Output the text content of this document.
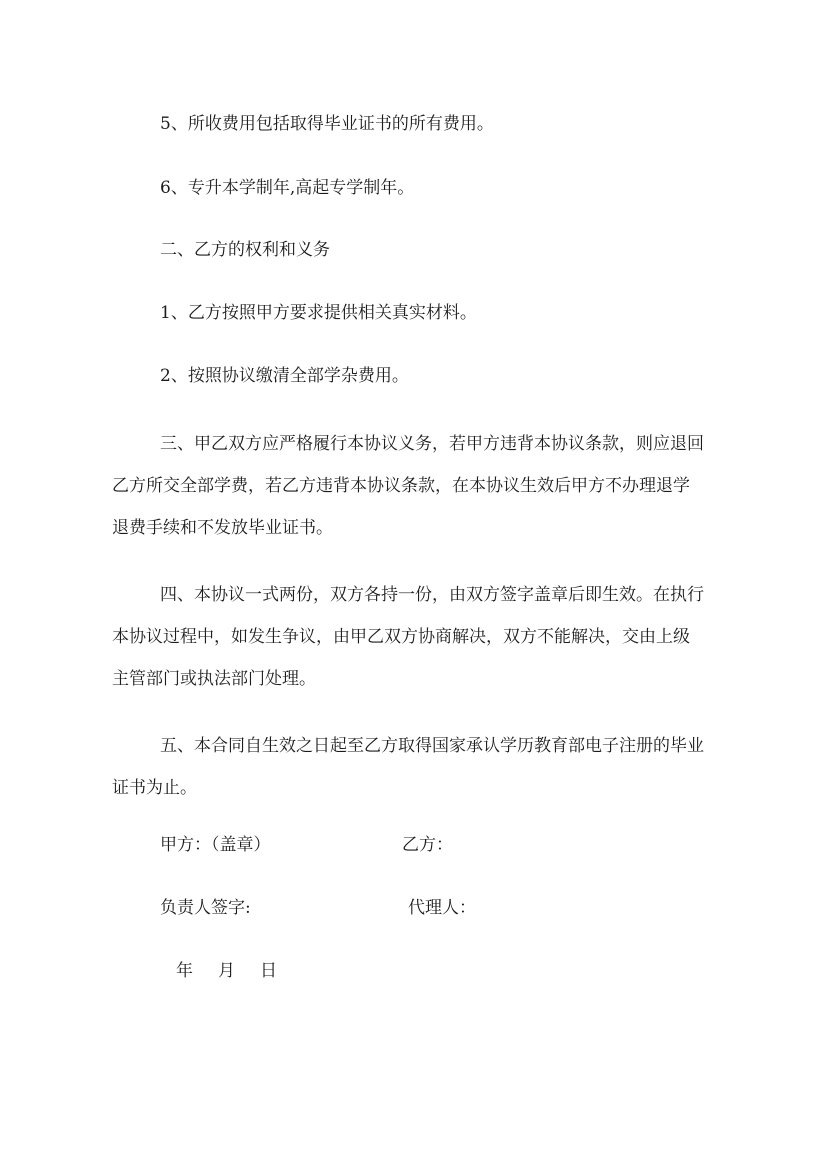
5、所收费用包括取得毕业证书的所有费用。
6、专升本学制年,高起专学制年。
二、乙方的权利和义务
1、乙方按照甲方要求提供相关真实材料。
2、按照协议缴清全部学杂费用。
三、甲乙双方应严格履行本协议义务，若甲方违背本协议条款，则应退回
乙方所交全部学费，若乙方违背本协议条款，在本协议生效后甲方不办理退学
退费手续和不发放毕业证书。
四、本协议一式两份，双方各持一份，由双方签字盖章后即生效。在执行
本协议过程中，如发生争议，由甲乙双方协商解决，双方不能解决，交由上级
主管部门或执法部门处理。
五、本合同自生效之日起至乙方取得国家承认学历教育部电子注册的毕业
证书为止。
甲方：（盖章）	乙方：
负责人签字:	代理人：
年 月 日
